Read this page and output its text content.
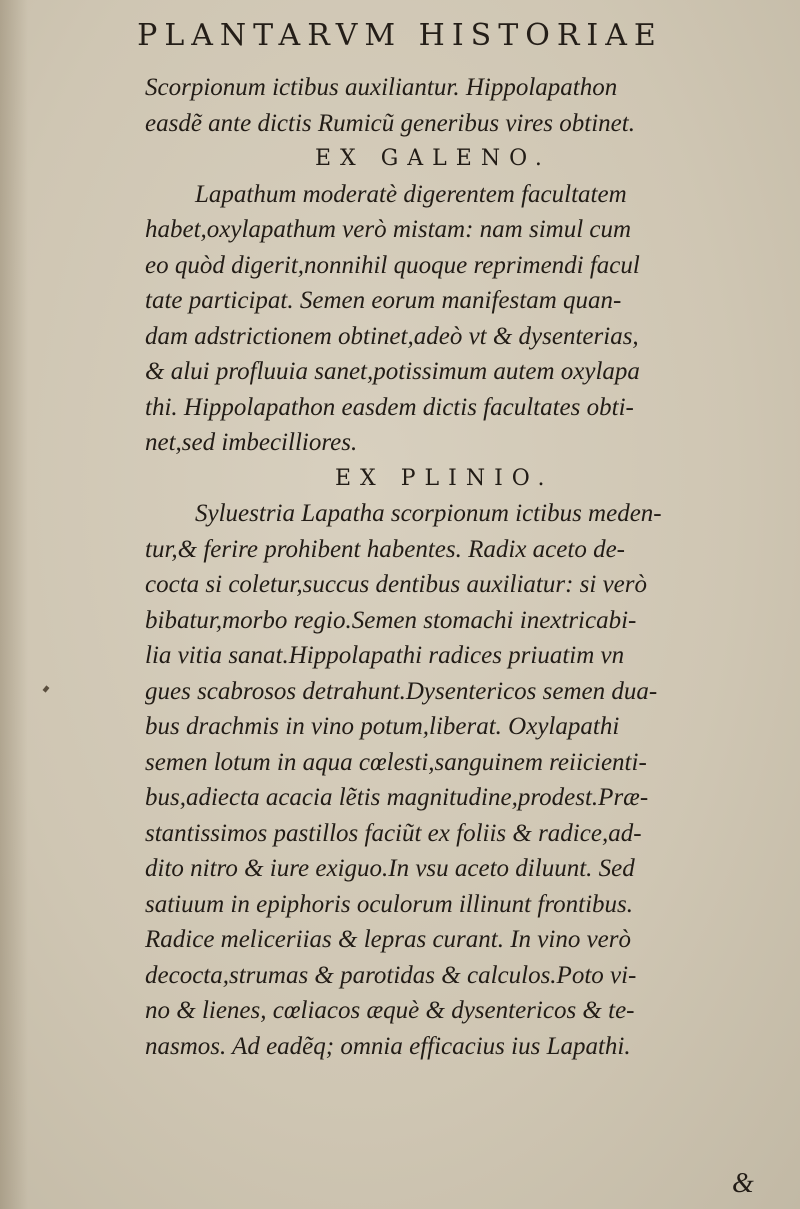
PLANTARVM HISTORIAE
Scorpionum ictibus auxiliantur. Hippolapathon
easdẽ ante dictis Rumicũ generibus vires obtinet.
EX GALENO.
Lapathum moderatè digerentem facultatem
habet,oxylapathum verò mistam: nam simul cum
eo quòd digerit,nonnihil quoque reprimendi facul
tate participat. Semen eorum manifestam quan-
dam adstrictionem obtinet,adeò vt & dysenterias,
& alui profluuia sanet,potissimum autem oxylapa
thi. Hippolapathon easdem dictis facultates obti-
net,sed imbecilliores.
EX PLINIO.
Syluestria Lapatha scorpionum ictibus meden-
tur,& ferire prohibent habentes. Radix aceto de-
cocta si coletur,succus dentibus auxiliatur: si verò
bibatur,morbo regio.Semen stomachi inextricabi-
lia vitia sanat.Hippolapathi radices priuatim vn
gues scabrosos detrahunt.Dysentericos semen dua-
bus drachmis in vino potum,liberat. Oxylapathi
semen lotum in aqua cœlesti,sanguinem reiicienti-
bus,adiecta acacia lẽtis magnitudine,prodest.Præ-
stantissimos pastillos faciũt ex foliis & radice,ad-
dito nitro & iure exiguo.In vsu aceto diluunt. Sed
satiuum in epiphoris oculorum illinunt frontibus.
Radice meliceriias & lepras curant. In vino verò
decocta,strumas & parotidas & calculos.Poto vi-
no & lienes, cœliacos æquè & dysentericos & te-
nasmos. Ad eadẽq; omnia efficacius ius Lapathi.
&
